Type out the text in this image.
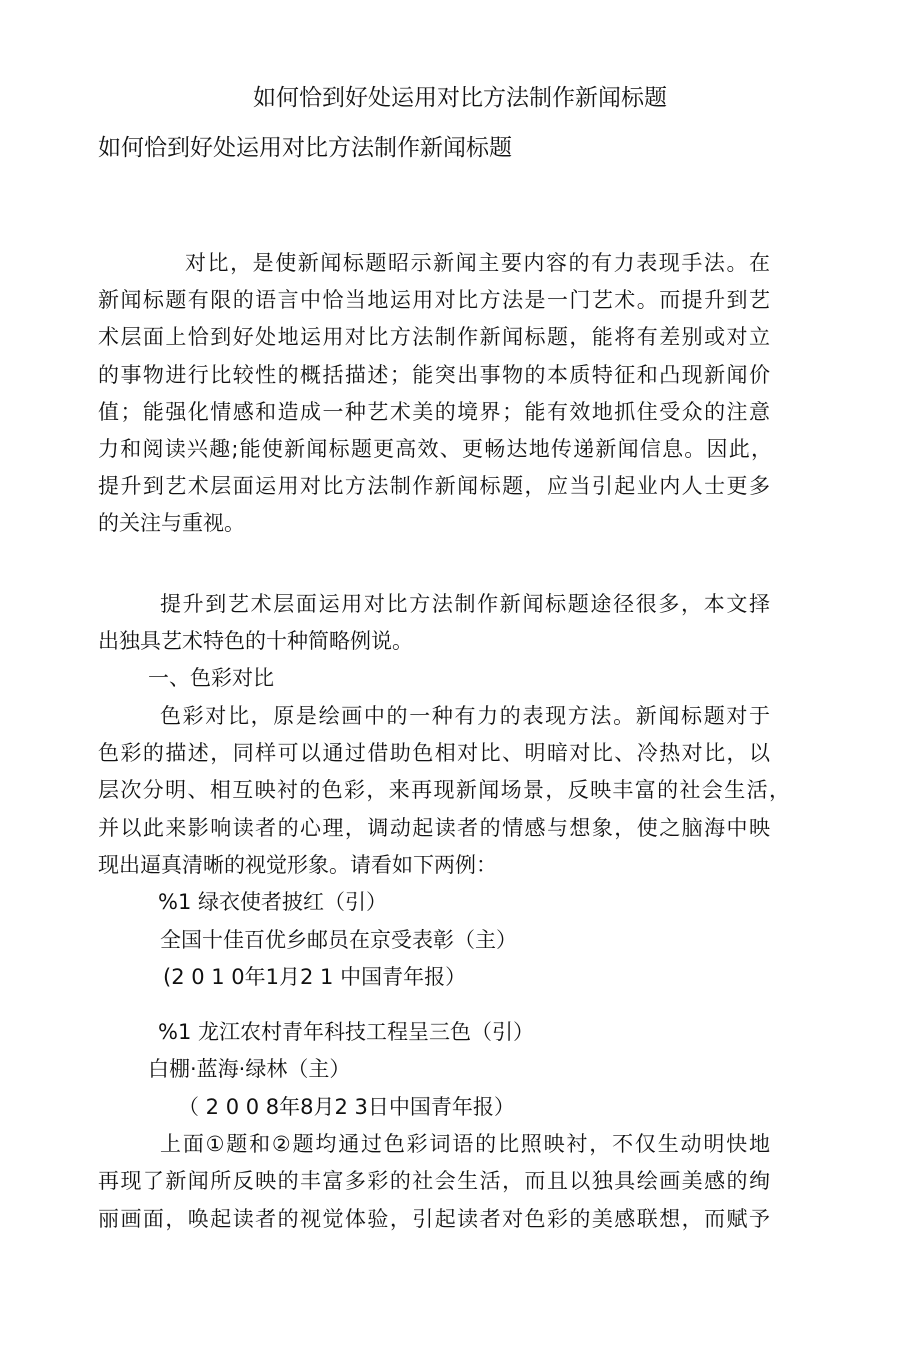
如何恰到好处运用对比方法制作新闻标题
如何恰到好处运用对比方法制作新闻标题
对比，是使新闻标题昭示新闻主要内容的有力表现手法。在
新闻标题有限的语言中恰当地运用对比方法是一门艺术。而提升到艺
术层面上恰到好处地运用对比方法制作新闻标题，能将有差别或对立
的事物进行比较性的概括描述；能突出事物的本质特征和凸现新闻价
值；能强化情感和造成一种艺术美的境界；能有效地抓住受众的注意
力和阅读兴趣;能使新闻标题更高效、更畅达地传递新闻信息。因此，
提升到艺术层面运用对比方法制作新闻标题，应当引起业内人士更多
的关注与重视。
提升到艺术层面运用对比方法制作新闻标题途径很多，本文择
出独具艺术特色的十种简略例说。
一、色彩对比
色彩对比，原是绘画中的一种有力的表现方法。新闻标题对于
色彩的描述，同样可以通过借助色相对比、明暗对比、冷热对比，以
层次分明、相互映衬的色彩，来再现新闻场景，反映丰富的社会生活，
并以此来影响读者的心理，调动起读者的情感与想象，使之脑海中映
现出逼真清晰的视觉形象。请看如下两例：
%1 绿衣使者披红（引）
全国十佳百优乡邮员在京受表彰（主）
(2 0 1 0年1月2 1 中国青年报）
%1 龙江农村青年科技工程呈三色（引）
白棚·蓝海·绿林（主）
（ 2 0 0 8年8月2 3日中国青年报）
上面①题和②题均通过色彩词语的比照映衬，不仅生动明快地
再现了新闻所反映的丰富多彩的社会生活，而且以独具绘画美感的绚
丽画面，唤起读者的视觉体验，引起读者对色彩的美感联想，而赋予
